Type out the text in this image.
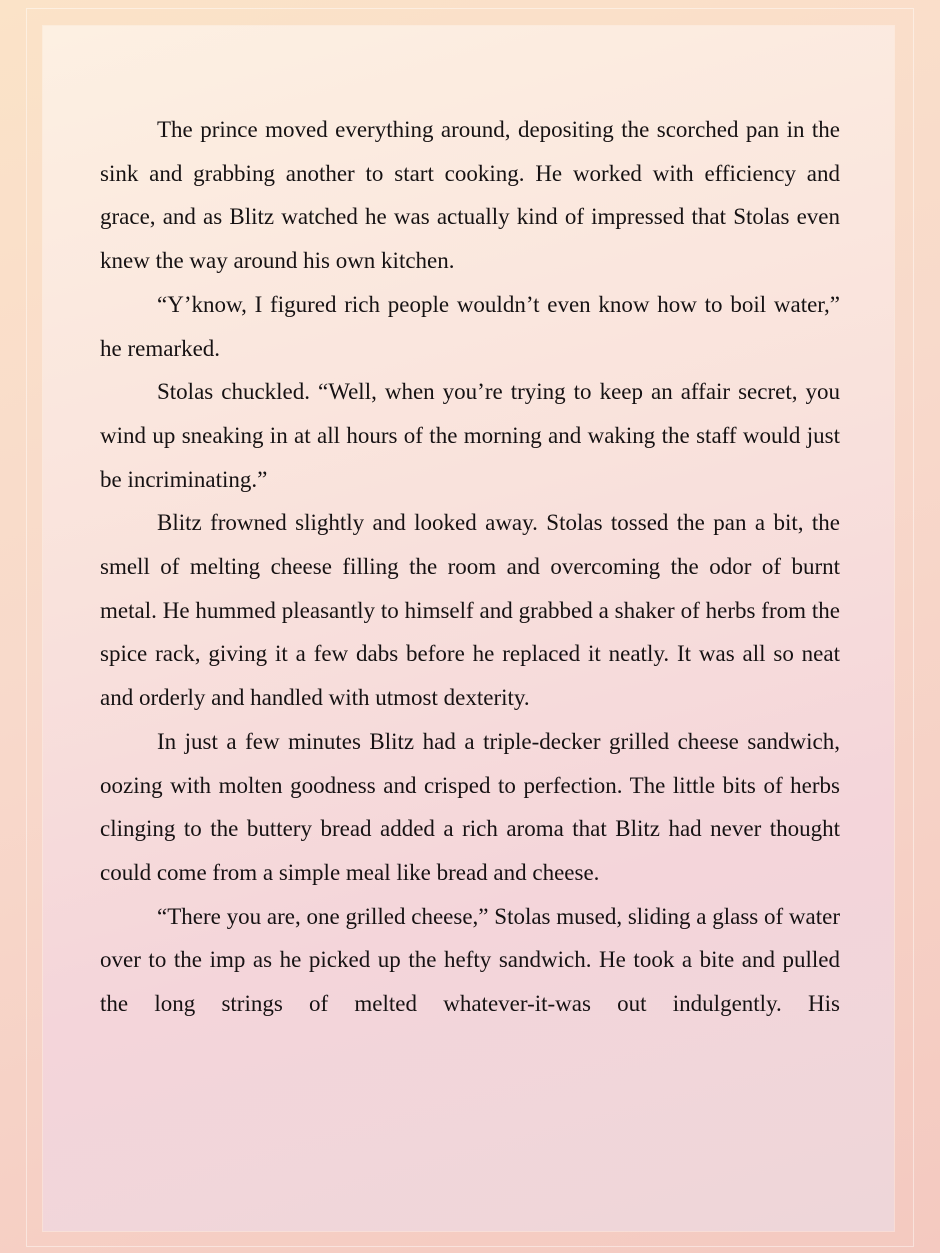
The prince moved everything around, depositing the scorched pan in the sink and grabbing another to start cooking. He worked with efficiency and grace, and as Blitz watched he was actually kind of impressed that Stolas even knew the way around his own kitchen.

“Y’know, I figured rich people wouldn’t even know how to boil water,” he remarked.

Stolas chuckled. “Well, when you’re trying to keep an affair secret, you wind up sneaking in at all hours of the morning and waking the staff would just be incriminating.”

Blitz frowned slightly and looked away. Stolas tossed the pan a bit, the smell of melting cheese filling the room and overcoming the odor of burnt metal. He hummed pleasantly to himself and grabbed a shaker of herbs from the spice rack, giving it a few dabs before he replaced it neatly. It was all so neat and orderly and handled with utmost dexterity.

In just a few minutes Blitz had a triple-decker grilled cheese sandwich, oozing with molten goodness and crisped to perfection. The little bits of herbs clinging to the buttery bread added a rich aroma that Blitz had never thought could come from a simple meal like bread and cheese.

“There you are, one grilled cheese,” Stolas mused, sliding a glass of water over to the imp as he picked up the hefty sandwich. He took a bite and pulled the long strings of melted whatever-it-was out indulgently. His
